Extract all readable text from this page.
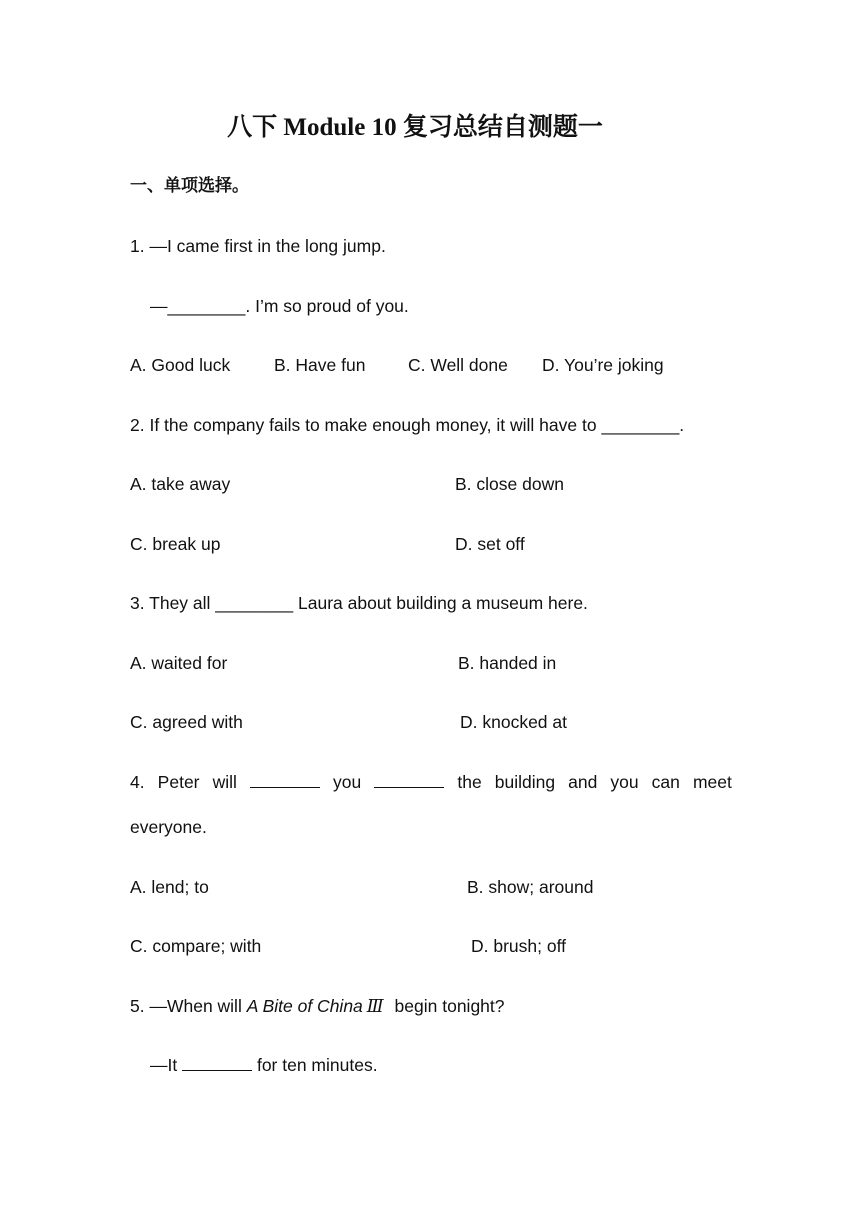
八下 Module 10 复习总结自测题一
一、单项选择。
1. —I came first in the long jump.
—________. I’m so proud of you.
A. Good luck	B. Have fun C. Well done D. You’re joking
2. If the company fails to make enough money, it will have to ________.
A. take away	B. close down
C. break up	D. set off
3. They all ________ Laura about building a museum here.
A. waited for	B. handed in
C. agreed with	D. knocked at
4. Peter will	you	the building and you can meet
everyone.
A. lend; to	B. show; around
C. compare; with	D. brush; off
5. —When will A Bite of China Ⅲ begin tonight?
—It	for ten minutes.
